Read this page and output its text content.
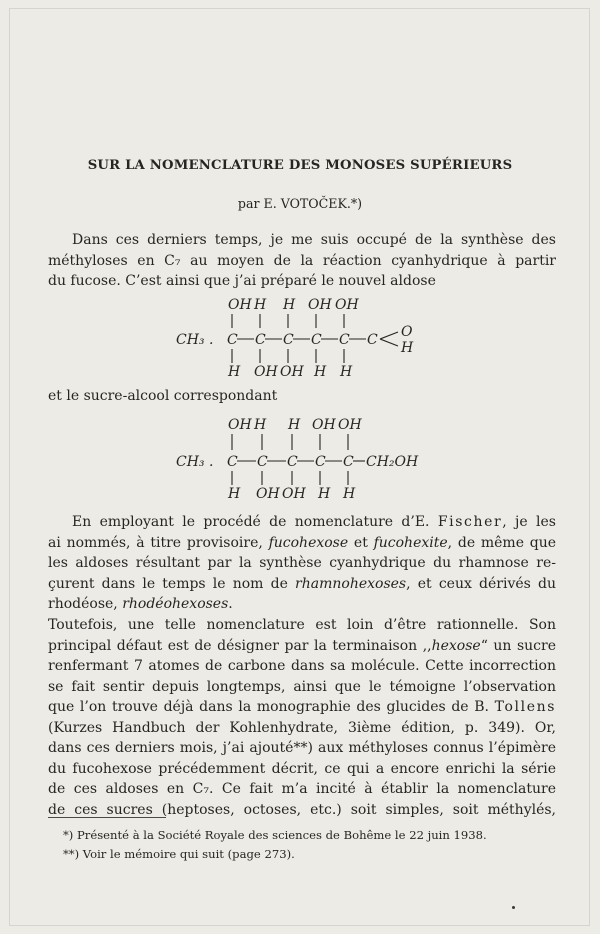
SUR LA NOMENCLATURE DES MONOSES SUPÉRIEURS
par E. VOTOČEK.*)
Dans ces derniers temps, je me suis occupé de la synthèse des
méthyloses en C₇ au moyen de la réaction cyanhydrique à partir
du fucose. C’est ainsi que j’ai préparé le nouvel aldose
CH₃ .
OH H H OH OH
C C C C C C
H OH OH H H
O
H
et le sucre-alcool correspondant
CH₃ .
OH H H OH OH
C C C C C CH₂OH
H OH OH H H
En employant le procédé de nomenclature d’E. Fischer, je les
ai nommés, à titre provisoire, fucohexose et fucohexite, de même que
les aldoses résultant par la synthèse cyanhydrique du rhamnose re-
çurent dans le temps le nom de rhamnohexoses, et ceux dérivés du
rhodéose, rhodéohexoses.
Toutefois, une telle nomenclature est loin d’être rationnelle. Son
principal défaut est de désigner par la terminaison ,,hexose“ un sucre
renfermant 7 atomes de carbone dans sa molécule. Cette incorrection
se fait sentir depuis longtemps, ainsi que le témoigne l’observation
que l’on trouve déjà dans la monographie des glucides de B. Tollens
(Kurzes Handbuch der Kohlenhydrate, 3ième édition, p. 349). Or,
dans ces derniers mois, j’ai ajouté**) aux méthyloses connus l’épimère
du fucohexose précédemment décrit, ce qui a encore enrichi la série
de ces aldoses en C₇. Ce fait m’a incité à établir la nomenclature
de ces sucres (heptoses, octoses, etc.) soit simples, soit méthylés,
*) Présenté à la Société Royale des sciences de Bohême le 22 juin 1938.
**) Voir le mémoire qui suit (page 273).
